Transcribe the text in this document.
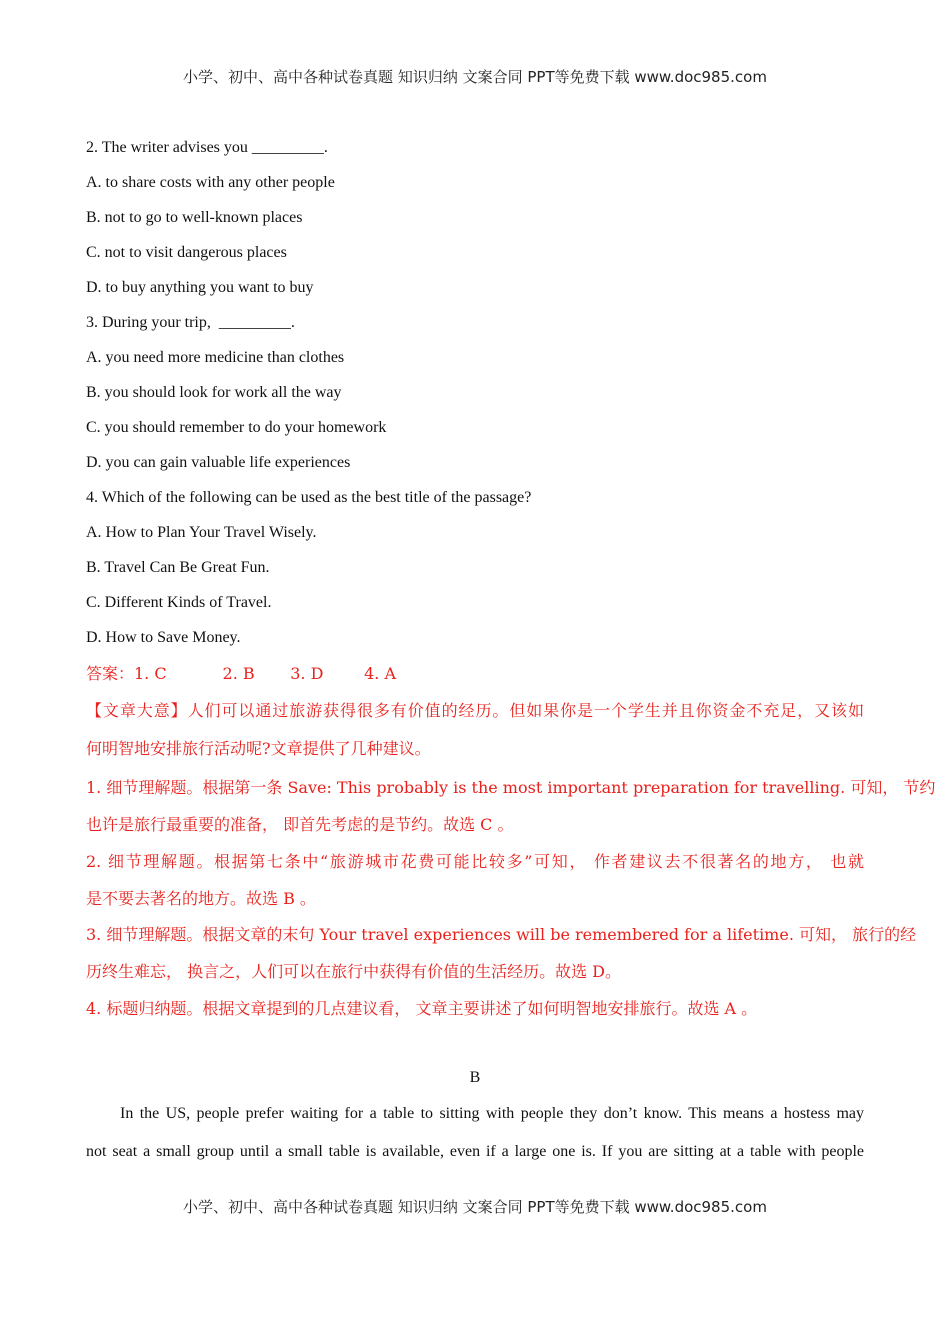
小学、初中、高中各种试卷真题 知识归纳 文案合同 PPT等免费下载 www.doc985.com
2. The writer advises you _________.
A. to share costs with any other people
B. not to go to well-known places
C. not to visit dangerous places
D. to buy anything you want to buy
3. During your trip,  _________.
A. you need more medicine than clothes
B. you should look for work all the way
C. you should remember to do your homework
D. you can gain valuable life experiences
4. Which of the following can be used as the best title of the passage?
A. How to Plan Your Travel Wisely.
B. Travel Can Be Great Fun.
C. Different Kinds of Travel.
D. How to Save Money.
答案：1. C           2. B       3. D        4. A
【文章大意】人们可以通过旅游获得很多有价值的经历。但如果你是一个学生并且你资金不充足，又该如
何明智地安排旅行活动呢?文章提供了几种建议。
1. 细节理解题。根据第一条 Save: This probably is the most important preparation for travelling. 可知， 节约
也许是旅行最重要的准备， 即首先考虑的是节约。故选 C 。
2. 细节理解题。根据第七条中“旅游城市花费可能比较多”可知， 作者建议去不很著名的地方， 也就
是不要去著名的地方。故选 B 。
3. 细节理解题。根据文章的末句 Your travel experiences will be remembered for a lifetime. 可知， 旅行的经
历终生难忘， 换言之，人们可以在旅行中获得有价值的生活经历。故选 D。
4. 标题归纳题。根据文章提到的几点建议看， 文章主要讲述了如何明智地安排旅行。故选 A 。
B
In the US, people prefer waiting for a table to sitting with people they don’t know. This means a hostess may
not seat a small group until a small table is available, even if a large one is. If you are sitting at a table with people
小学、初中、高中各种试卷真题 知识归纳 文案合同 PPT等免费下载 www.doc985.com
